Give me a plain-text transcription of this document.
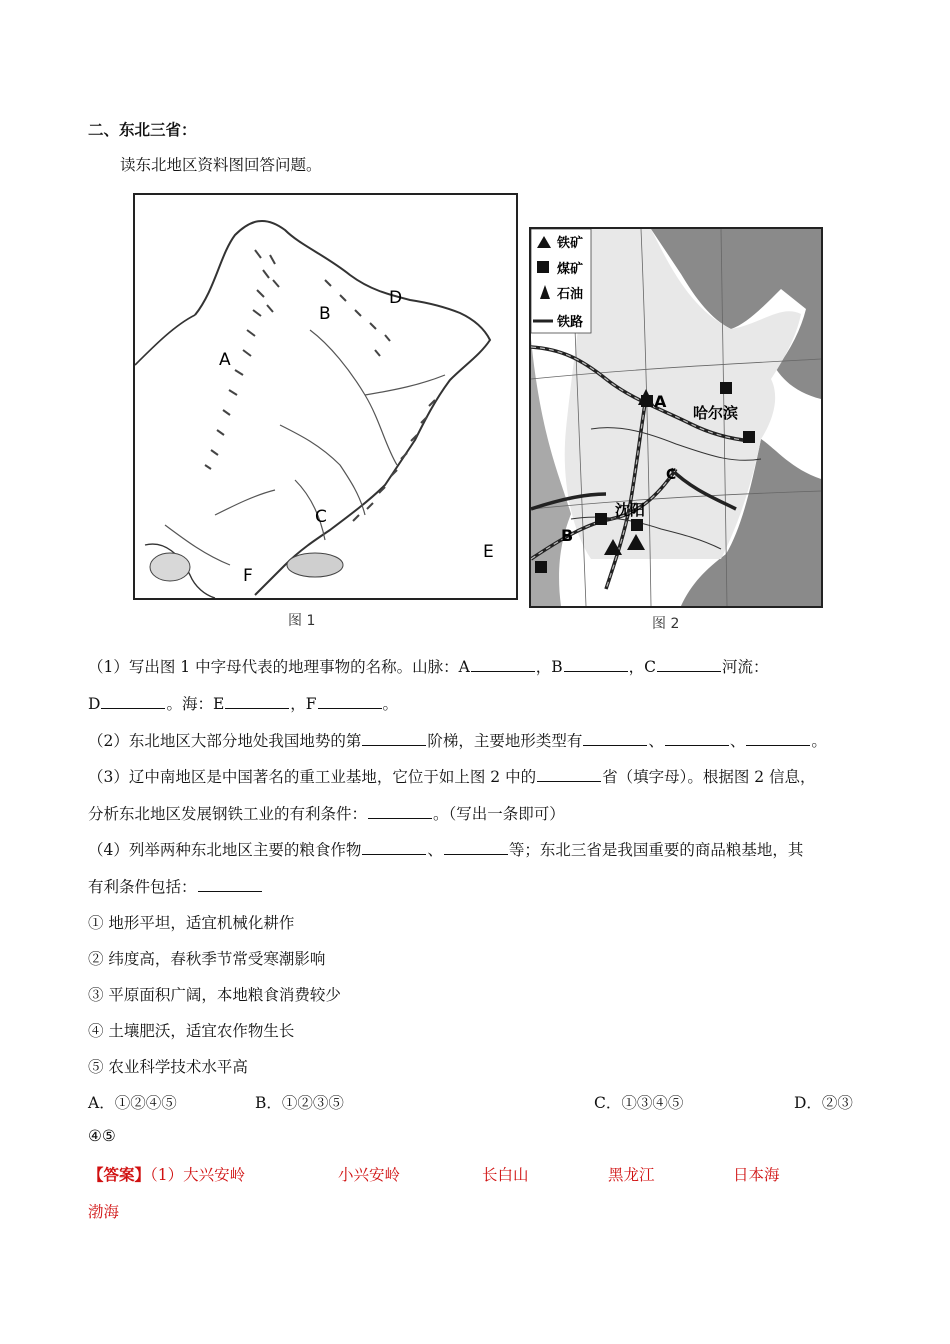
二、东北三省：
读东北地区资料图回答问题。
A
B
C
D
E
F
图 1
铁矿
煤矿
石油
铁路
A
哈尔滨
C
沈阳
B
图 2
（1）写出图 1 中字母代表的地理事物的名称。山脉：A	，B	，C	河流：
D	。海：E	，F	。
（2）东北地区大部分地处我国地势的第	阶梯，主要地形类型有	、	、	。
（3）辽中南地区是中国著名的重工业基地，它位于如上图 2 中的	省（填字母）。根据图 2 信息，
分析东北地区发展钢铁工业的有利条件：	。（写出一条即可）
（4）列举两种东北地区主要的粮食作物	、	等；东北三省是我国重要的商品粮基地，其
有利条件包括：
① 地形平坦，适宜机械化耕作
② 纬度高，春秋季节常受寒潮影响
③ 平原面积广阔，本地粮食消费较少
④ 土壤肥沃，适宜农作物生长
⑤ 农业科学技术水平高
A．①②④⑤	B．①②③⑤	C．①③④⑤	D．②③
④⑤
【答案】（1）大兴安岭	小兴安岭	长白山	黑龙江	日本海
渤海
